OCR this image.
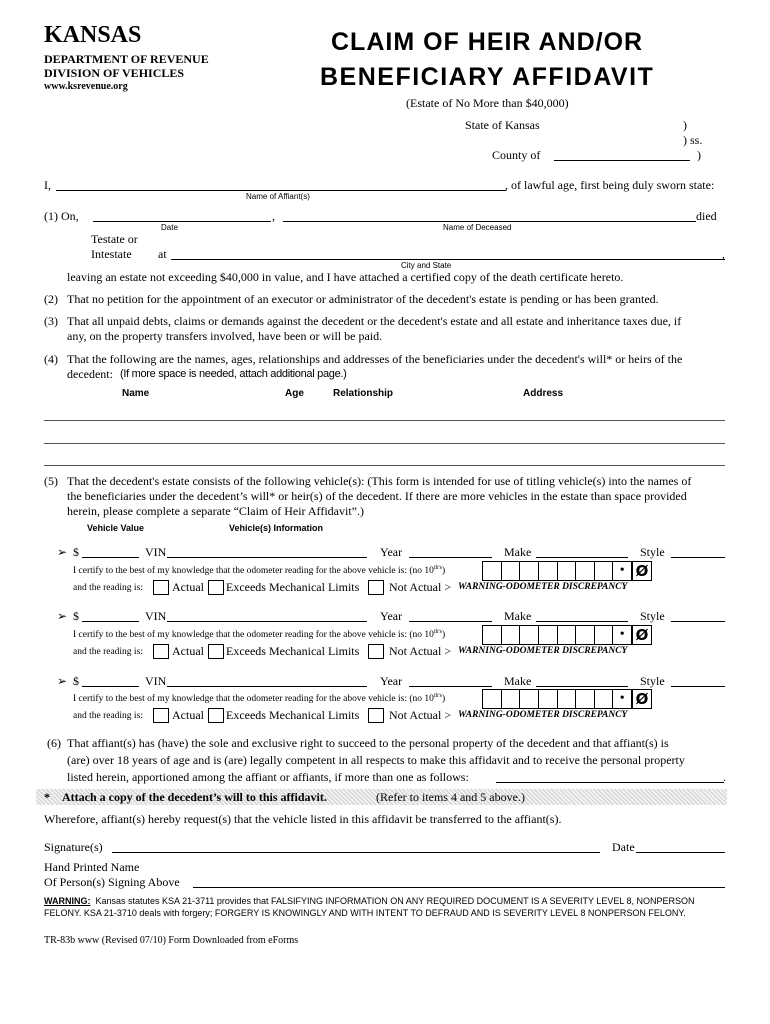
KANSAS
DEPARTMENT OF REVENUE
DIVISION OF VEHICLES
www.ksrevenue.org
CLAIM OF HEIR AND/OR
BENEFICIARY AFFIDAVIT
(Estate of No More than $40,000)
State of Kansas	)
) ss.
County of	)
I,	, of lawful age, first being duly sworn state:
Name of Affiant(s)
(1) On,	,	died
Date	Name of Deceased
Testate or
Intestate at	,
City and State
leaving an estate not exceeding $40,000 in value, and I have attached a certified copy of the death certificate hereto.
(2) That no petition for the appointment of an executor or administrator of the decedent's estate is pending or has been granted.
(3) That all unpaid debts, claims or demands against the decedent or the decedent's estate and all estate and inheritance taxes due, if
any, on the property transfers involved, have been or will be paid.
(4) That the following are the names, ages, relationships and addresses of the beneficiaries under the decedent's will* or heirs of the
decedent: (If more space is needed, attach additional page.)
Name	Age	Relationship	Address
(5) That the decedent's estate consists of the following vehicle(s): (This form is intended for use of titling vehicle(s) into the names of
the beneficiaries under the decedent’s will* or heir(s) of the decedent. If there are more vehicles in the estate than space provided
herein, please complete a separate “Claim of Heir Affidavit”.)
Vehicle Value	Vehicle(s) Information
➢ $	VIN	Year	Make	Style
I certify to the best of my knowledge that the odometer reading for the above vehicle is: (no $10^{th's}$)	• Ø
and the reading is: Actual Exceeds Mechanical Limits Not Actual > WARNING-ODOMETER DISCREPANCY
➢ $	VIN	Year	Make	Style
I certify to the best of my knowledge that the odometer reading for the above vehicle is: (no $10^{th's}$)	• Ø
and the reading is: Actual Exceeds Mechanical Limits Not Actual > WARNING-ODOMETER DISCREPANCY
➢ $	VIN	Year	Make	Style
I certify to the best of my knowledge that the odometer reading for the above vehicle is: (no $10^{th's}$)	• Ø
and the reading is: Actual Exceeds Mechanical Limits Not Actual > WARNING-ODOMETER DISCREPANCY
(6) That affiant(s) has (have) the sole and exclusive right to succeed to the personal property of the decedent and that affiant(s) is
(are) over 18 years of age and is (are) legally competent in all respects to make this affidavit and to receive the personal property
listed herein, apportioned among the affiant or affiants, if more than one as follows:	.
* Attach a copy of the decedent’s will to this affidavit.	(Refer to items 4 and 5 above.)
Wherefore, affiant(s) hereby request(s) that the vehicle listed in this affidavit be transferred to the affiant(s).
Signature(s)	Date
Hand Printed Name
Of Person(s) Signing Above
WARNING: Kansas statutes KSA 21-3711 provides that FALSIFYING INFORMATION ON ANY REQUIRED DOCUMENT IS A SEVERITY LEVEL 8, NONPERSON
FELONY. KSA 21-3710 deals with forgery; FORGERY IS KNOWINGLY AND WITH INTENT TO DEFRAUD AND IS SEVERITY LEVEL 8 NONPERSON FELONY.
TR-83b www (Revised 07/10) Form Downloaded from eForms
